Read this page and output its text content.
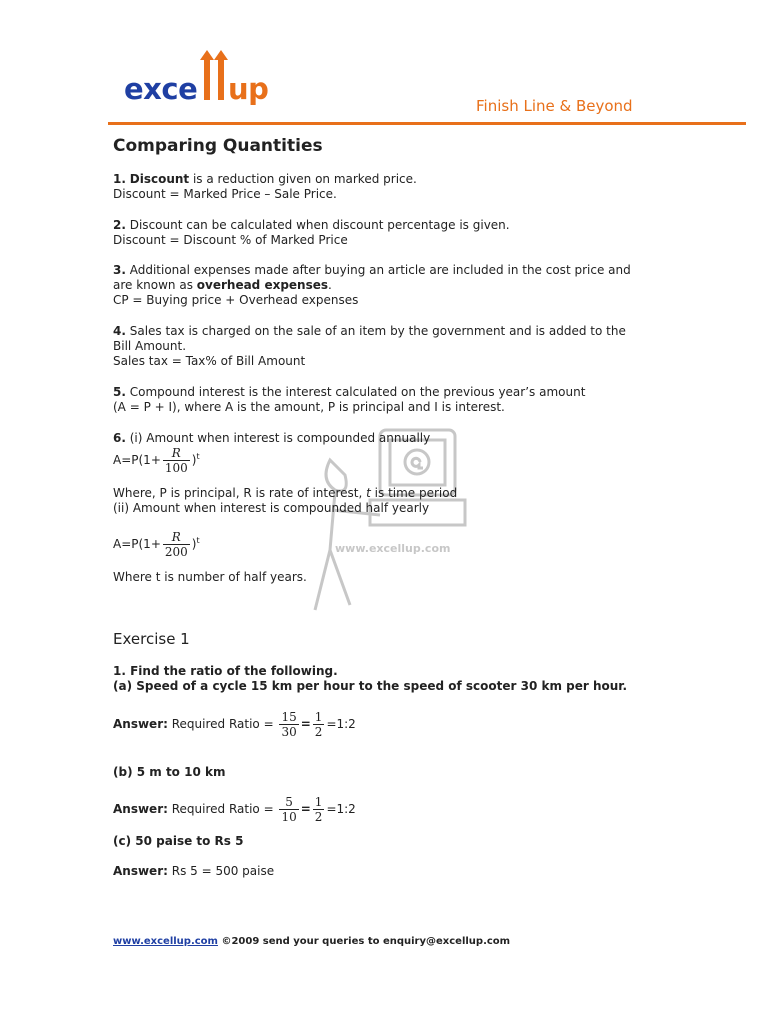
exce up	Finish Line & Beyond
www.excellup.com
Comparing Quantities
1. Discount is a reduction given on marked price.
Discount = Marked Price – Sale Price.
2. Discount can be calculated when discount percentage is given.
Discount = Discount % of Marked Price
3. Additional expenses made after buying an article are included in the cost price and
are known as overhead expenses.
CP = Buying price + Overhead expenses
4. Sales tax is charged on the sale of an item by the government and is added to the
Bill Amount.
Sales tax = Tax% of Bill Amount
5. Compound interest is the interest calculated on the previous year’s amount
(A = P + I), where A is the amount, P is principal and I is interest.
6. (i) Amount when interest is compounded annually
$A=P(1+ \frac{R}{100} )^t$
Where, P is principal, R is rate of interest, t is time period
(ii) Amount when interest is compounded half yearly
$A=P(1+ \frac{R}{200} )^t$
Where t is number of half years.
Exercise 1
1. Find the ratio of the following.
(a) Speed of a cycle 15 km per hour to the speed of scooter 30 km per hour.
Answer: Required Ratio = $\frac{15}{30} = \frac{1}{2}$ =1:2
(b) 5 m to 10 km
Answer: Required Ratio = $\frac{5}{10} = \frac{1}{2}$ =1:2
(c) 50 paise to Rs 5
Answer: Rs 5 = 500 paise
www.excellup.com ©2009 send your queries to enquiry@excellup.com
